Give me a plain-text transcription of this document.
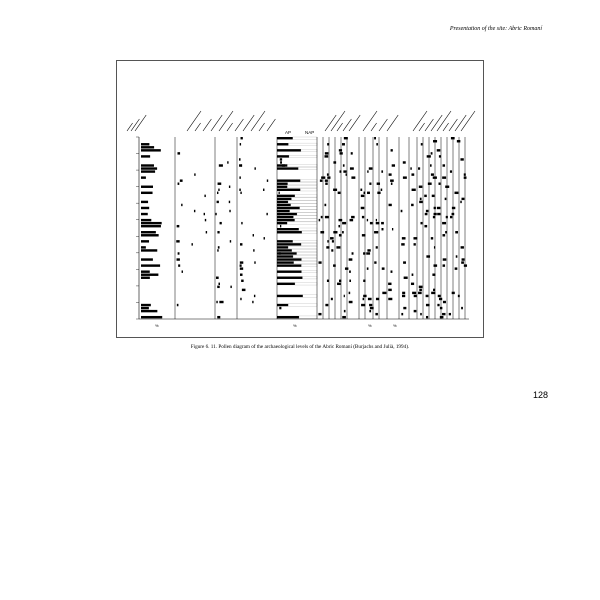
Presentation of the site: Abric Romaní
AP	NAP
%	%	%	%
Figure 6. 11. Pollen diagram of the archaeological levels of the Abric Romaní (Burjachs and Julià, 1994).
128
